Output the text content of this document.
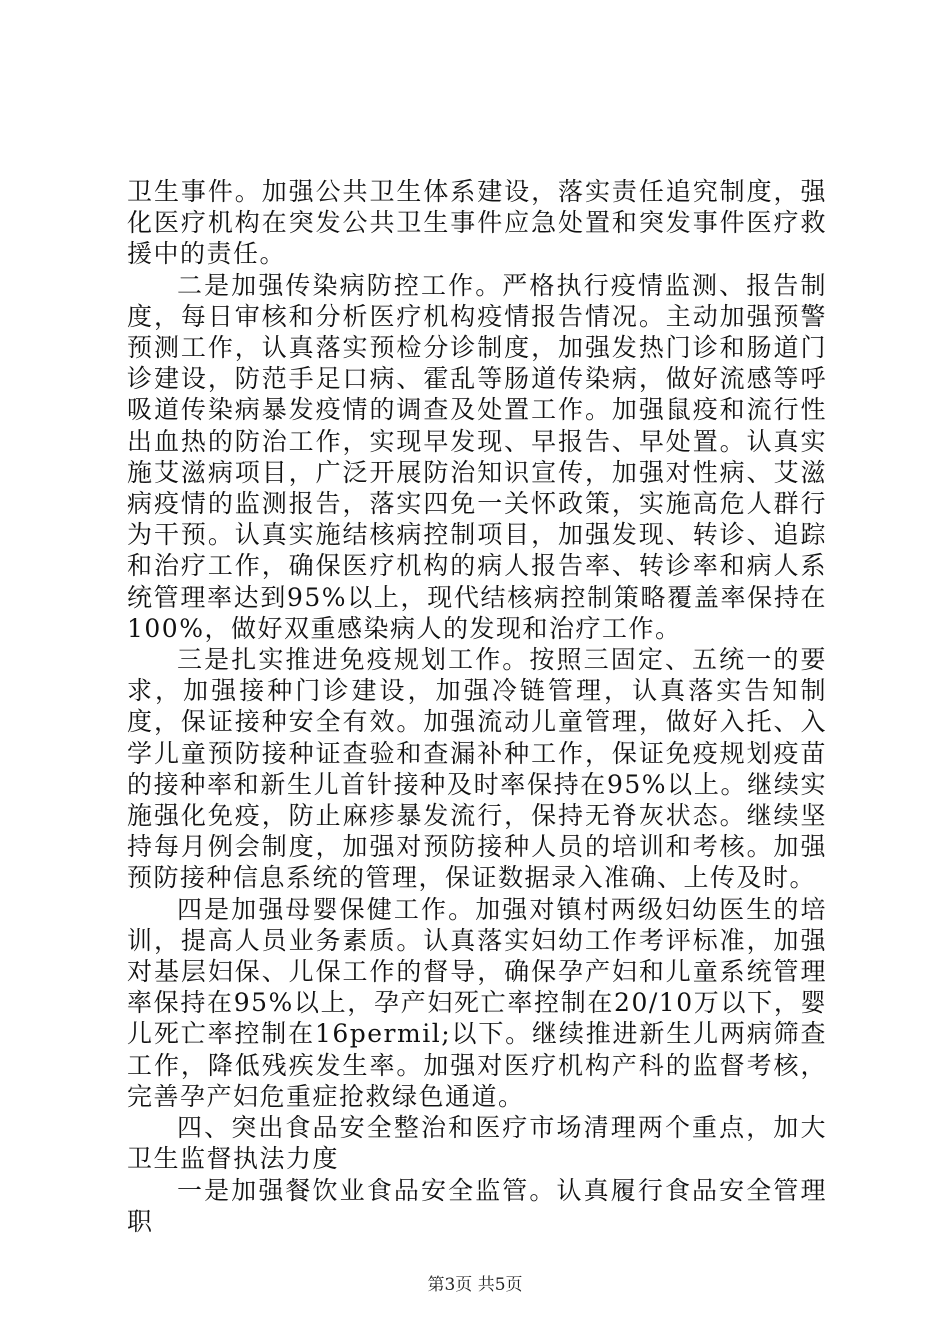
卫生事件。加强公共卫生体系建设，落实责任追究制度，强化医疗机构在突发公共卫生事件应急处置和突发事件医疗救援中的责任。

二是加强传染病防控工作。严格执行疫情监测、报告制度，每日审核和分析医疗机构疫情报告情况。主动加强预警预测工作，认真落实预检分诊制度，加强发热门诊和肠道门诊建设，防范手足口病、霍乱等肠道传染病，做好流感等呼吸道传染病暴发疫情的调查及处置工作。加强鼠疫和流行性出血热的防治工作，实现早发现、早报告、早处置。认真实施艾滋病项目，广泛开展防治知识宣传，加强对性病、艾滋病疫情的监测报告，落实四免一关怀政策，实施高危人群行为干预。认真实施结核病控制项目，加强发现、转诊、追踪和治疗工作，确保医疗机构的病人报告率、转诊率和病人系统管理率达到95%以上，现代结核病控制策略覆盖率保持在100%，做好双重感染病人的发现和治疗工作。

三是扎实推进免疫规划工作。按照三固定、五统一的要求，加强接种门诊建设，加强冷链管理，认真落实告知制度，保证接种安全有效。加强流动儿童管理，做好入托、入学儿童预防接种证查验和查漏补种工作，保证免疫规划疫苗的接种率和新生儿首针接种及时率保持在95%以上。继续实施强化免疫，防止麻疹暴发流行，保持无脊灰状态。继续坚持每月例会制度，加强对预防接种人员的培训和考核。加强预防接种信息系统的管理，保证数据录入准确、上传及时。

四是加强母婴保健工作。加强对镇村两级妇幼医生的培训，提高人员业务素质。认真落实妇幼工作考评标准，加强对基层妇保、儿保工作的督导，确保孕产妇和儿童系统管理率保持在95%以上，孕产妇死亡率控制在20/10万以下，婴儿死亡率控制在16permil;以下。继续推进新生儿两病筛查工作，降低残疾发生率。加强对医疗机构产科的监督考核，完善孕产妇危重症抢救绿色通道。

四、突出食品安全整治和医疗市场清理两个重点，加大卫生监督执法力度

一是加强餐饮业食品安全监管。认真履行食品安全管理职

第3页 共5页
